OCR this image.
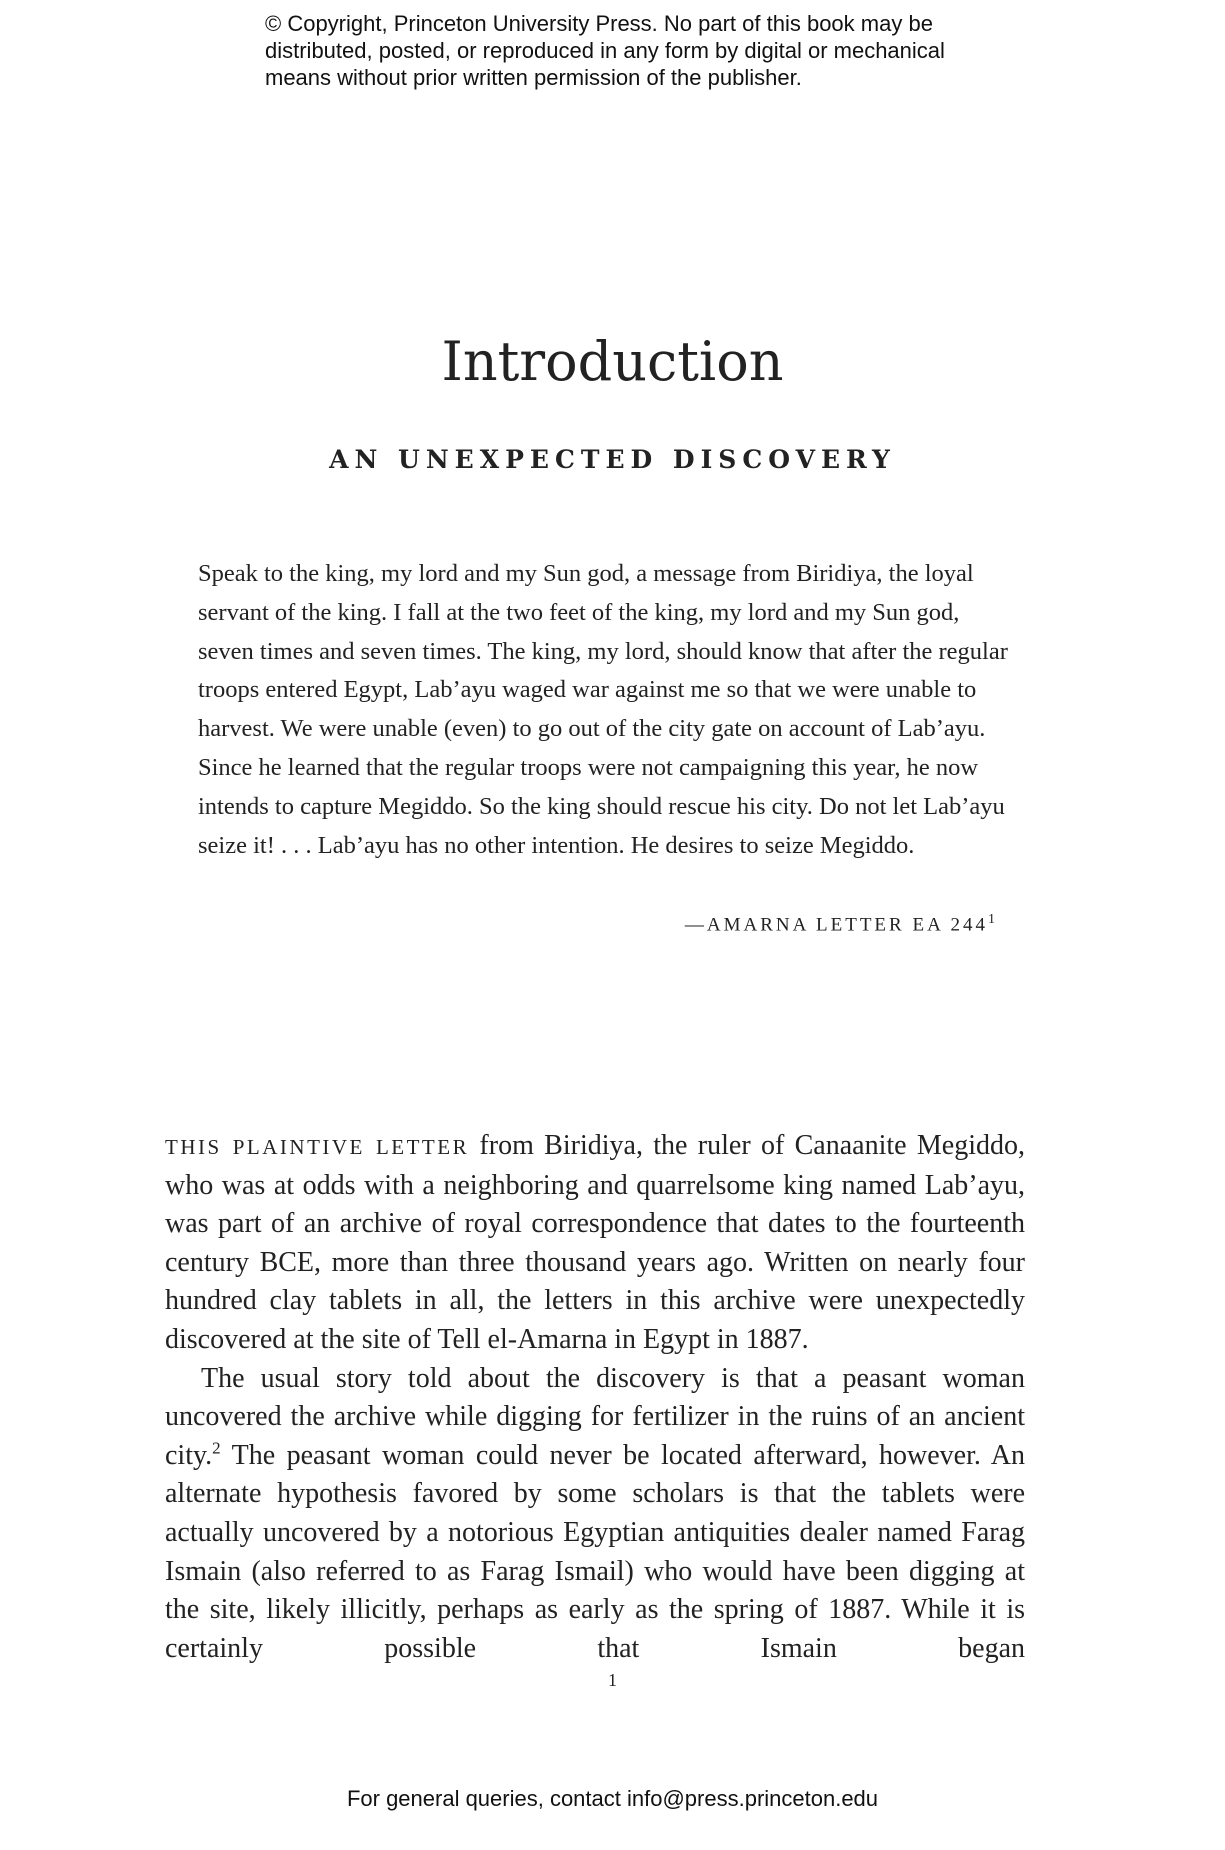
© Copyright, Princeton University Press. No part of this book may be

distributed, posted, or reproduced in any form by digital or mechanical

means without prior written permission of the publisher.

Introduction
AN UNEXPECTED DISCOVERY

Speak to the king, my lord and my Sun god, a message from Biridiya, the loyal servant of the king. I fall at the two feet of the king, my lord and my Sun god, seven times and seven times. The king, my lord, should know that after the regular troops entered Egypt, Lab’ayu waged war against me so that we were unable to harvest. We were unable (even) to go out of the city gate on account of Lab’ayu. Since he learned that the regular troops were not campaigning this year, he now intends to capture Megiddo. So the king should rescue his city. Do not let Lab’ayu seize it! . . . Lab’ayu has no other intention. He desires to seize Megiddo.

—AMARNA LETTER EA $244^1$

THIS PLAINTIVE LETTER from Biridiya, the ruler of Canaanite Megiddo, who was at odds with a neighboring and quarrelsome king named Lab’ayu, was part of an archive of royal correspondence that dates to the fourteenth century BCE, more than three thousand years ago. Written on nearly four hundred clay tablets in all, the letters in this archive were unexpectedly discovered at the site of Tell el-Amarna in Egypt in 1887.

The usual story told about the discovery is that a peasant woman uncovered the archive while digging for fertilizer in the ruins of an ancient city.$^2$ The peasant woman could never be located afterward, however. An alternate hypothesis favored by some scholars is that the tablets were actually uncovered by a notorious Egyptian antiquities dealer named Farag Ismain (also referred to as Farag Ismail) who would have been digging at the site, likely illicitly, perhaps as early as the spring of 1887. While it is certainly possible that Ismain began

1
For general queries, contact info@press.princeton.edu
